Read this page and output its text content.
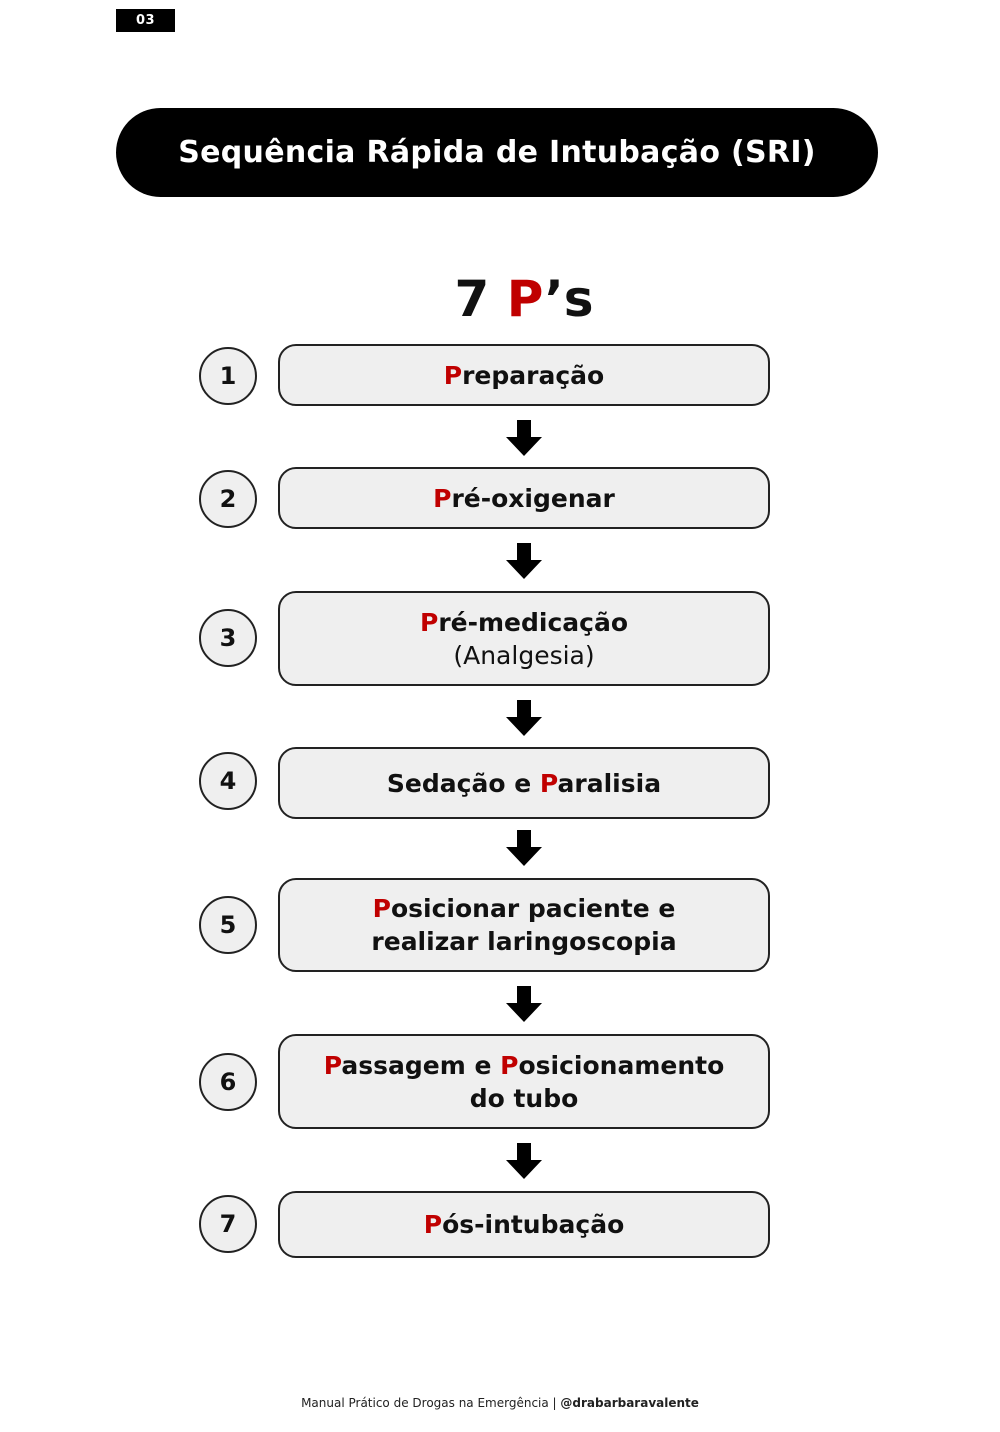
03
Sequência Rápida de Intubação (SRI)
7 P’s
1	Preparação
2	Pré-oxigenar
3
Pré-medicação
(Analgesia)
4	Sedação e Paralisia
5
Posicionar paciente e
realizar laringoscopia
6
Passagem e Posicionamento
do tubo
7	Pós-intubação
Manual Prático de Drogas na Emergência | @drabarbaravalente
